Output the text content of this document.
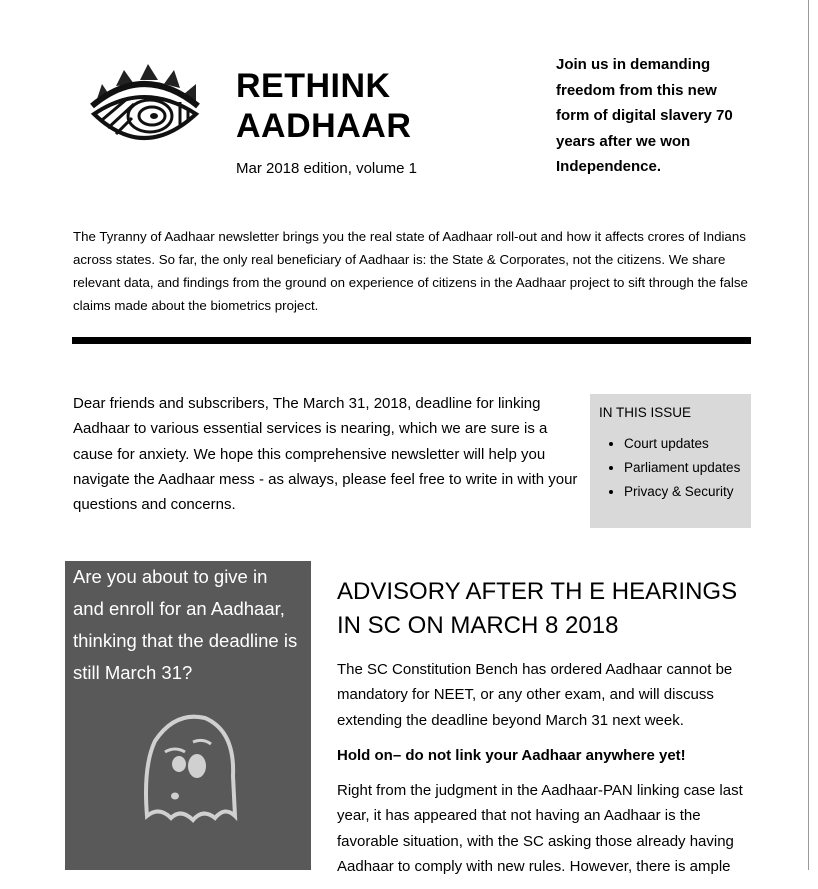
RETHINK
AADHAAR
Mar 2018 edition, volume 1
Join us in demanding freedom from this new form of digital slavery 70 years after we won Independence.
The Tyranny of Aadhaar newsletter brings you the real state of Aadhaar roll-out and how it affects crores of Indians across states. So far, the only real beneficiary of Aadhaar is: the State & Corporates, not the citizens. We share relevant data, and findings from the ground on experience of citizens in the Aadhaar project to sift through the false claims made about the biometrics project.
Dear friends and subscribers, The March 31, 2018, deadline for linking Aadhaar to various essential services is nearing, which we are sure is a cause for anxiety. We hope this comprehensive newsletter will help you navigate the Aadhaar mess - as always, please feel free to write in with your questions and concerns.
IN THIS ISSUE
• Court updates
• Parliament updates
• Privacy & Security

Are you about to give in and enroll for an Aadhaar, thinking that the deadline is still March 31?

ADVISORY AFTER TH E HEARINGS IN SC ON MARCH 8 2018

The SC Constitution Bench has ordered Aadhaar cannot be mandatory for NEET, or any other exam, and will discuss extending the deadline beyond March 31 next week.

Hold on– do not link your Aadhaar anywhere yet!

Right from the judgment in the Aadhaar-PAN linking case last year, it has appeared that not having an Aadhaar is the favorable situation, with the SC asking those already having Aadhaar to comply with new rules. However, there is ample
